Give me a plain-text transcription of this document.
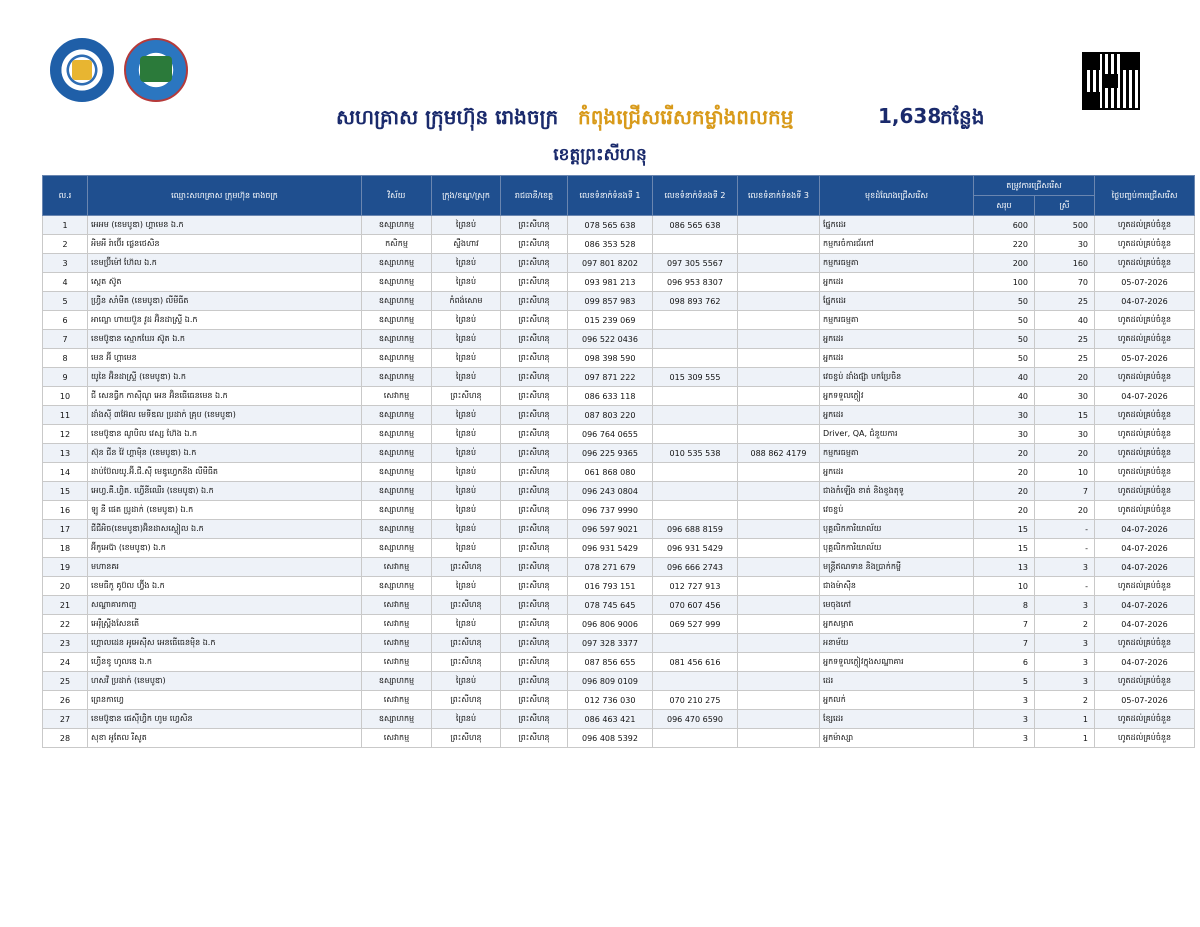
សហគ្រាស ក្រុមហ៊ុន រោងចក្រ កំពុងជ្រើសរើសកម្លាំងពលកម្ម	1,638
កន្លែង
ខេត្តព្រះសីហនុ
ល.រ	ឈ្មោះសហគ្រាស ក្រុមហ៊ុន រោងចក្រ	វិស័យ	ក្រុង/ខណ្ឌ/ស្រុក	រាជធានី/ខេត្ត	លេខទំនាក់ទំនងទី 1	លេខទំនាក់ទំនងទី 2	លេខទំនាក់ទំនងទី 3	មុខដំណែងជ្រើសរើស	តម្រូវការជ្រើសរើស		ថ្ងៃបញ្ចប់ការជ្រើសរើស
									សរុប	ស្រី	
1	អេអម (ខេមបូឌា) ហ្គាមេន ឯ.ក	ឧស្សាហកម្ម	ព្រៃនប់	ព្រះសីហនុ	078 565 638	086 565 638		ផ្នែកដេរ	600	500	ហូតដល់គ្រប់ចំនួន
2	អិមអឺ រ៉ាប៊ើរ ផ្លេនថេសិន	កសិកម្ម	ស្ទឹងហាវ	ព្រះសីហនុ	086 353 528			កម្មករចំការជ័រកៅ	220	30	ហូតដល់គ្រប់ចំនួន
3	ខេមប៊្រីម៉ៅ ហ៊ែល ឯ.ក	ឧស្សាហកម្ម	ព្រៃនប់	ព្រះសីហនុ	097 801 8202	097 305 5567		កម្មករធម្មតា	200	160	ហូតដល់គ្រប់ចំនួន
4	ស្កេត ស៊ូត	ឧស្សាហកម្ម	ព្រៃនប់	ព្រះសីហនុ	093 981 213	096 953 8307		អ្នកដេរ	100	70	05-07-2026
5	ហ្វ្រីន សាំមីត (ខេមបូឌា) លីមីធីត	ឧស្សាហកម្ម	កំពង់សោម	ព្រះសីហនុ	099 857 983	098 893 762		ផ្នែកដេរ	50	25	04-07-2026
6	អាល្លោ ហាយប៊ួន វូដ អ៊ិនដាស្ទ្រី ឯ.ក	ឧស្សាហកម្ម	ព្រៃនប់	ព្រះសីហនុ	015 239 069			កម្មករធម្មតា	50	40	ហូតដល់គ្រប់ចំនួន
7	ខេមប៊ូឌាន ស្មោកឃែរ ស៊ូត ឯ.ក	ឧស្សាហកម្ម	ព្រៃនប់	ព្រះសីហនុ	096 522 0436			អ្នកដេរ	50	25	ហូតដល់គ្រប់ចំនួន
8	មេន អ៊ី ហ្គាមេន	ឧស្សាហកម្ម	ព្រៃនប់	ព្រះសីហនុ	098 398 590			អ្នកដេរ	50	25	05-07-2026
9	យូនៃ អ៊ិនដាស្ទ្រី (ខេមបូឌា) ឯ.ក	ឧស្សាហកម្ម	ព្រៃនប់	ព្រះសីហនុ	097 871 222	015 309 555		វេចខ្ចប់ ដាំងផ្ស៊ា បកប្រែចិន	40	20	ហូតដល់គ្រប់ចំនួន
10	ជី សេនធ្វីក កាសុីណូ អេន អ៊ិនធើធេនមេន ឯ.ក	សេវាកម្ម	ព្រះសីហនុ	ព្រះសីហនុ	086 633 118			អ្នកទទួលភ្ញៀវ	40	30	04-07-2026
11	ដាំងស៊ី ៣អ៊ែល មេទីឌល ប្រដាក់ គ្រុប (ខេមបូឌា)	ឧស្សាហកម្ម	ព្រៃនប់	ព្រះសីហនុ	087 803 220			អ្នកដេរ	30	15	ហូតដល់គ្រប់ចំនួន
12	ខេមប៊ូឌាន ណូបិល វេស្ស ហ៊ែង ឯ.ក	ឧស្សាហកម្ម	ព្រៃនប់	ព្រះសីហនុ	096 764 0655			Driver, QA, ជំនួយការ	30	30	ហូតដល់គ្រប់ចំនួន
13	ស៊ុន ជីន វ៉ៃ ហ្គាម៉ិន (ខេមបូឌា) ឯ.ក	ឧស្សាហកម្ម	ព្រៃនប់	ព្រះសីហនុ	096 225 9365	010 535 538	088 862 4179	កម្មករធម្មតា	20	20	ហូតដល់គ្រប់ចំនួន
14	ដាប់ប៊ែលយូ.អ៊ី.ជី.ស៊ី មេឌូហ្វេកនីង លីមីធីត	ឧស្សាហកម្ម	ព្រៃនប់	ព្រះសីហនុ	061 868 080			អ្នកដេរ	20	10	ហូតដល់គ្រប់ចំនួន
15	អេហ្វ.គី.ហ្វិត. ហ្វើនីឈើរ (ខេមបូឌា) ឯ.ក	ឧស្សាហកម្ម	ព្រៃនប់	ព្រះសីហនុ	096 243 0804			ជាងកំឡើង ខាត់ និងខួងតុទូ	20	7	ហូតដល់គ្រប់ចំនួន
16	ឡូ នី ផេត ប្រូដាក់ (ខេមបូឌា) ឯ.ក	ឧស្សាហកម្ម	ព្រៃនប់	ព្រះសីហនុ	096 737 9990			វេចខ្ចប់	20	20	ហូតដល់គ្រប់ចំនួន
17	ជីជីអិច(ខេមបូឌា)អ៊ិនដាសស្ទៀល ឯ.ក	ឧស្សាហកម្ម	ព្រៃនប់	ព្រះសីហនុ	096 597 9021	096 688 8159		បុគ្គលិកការិយាល័យ	15	-	04-07-2026
18	អ៊ីកូអេប៊ា (ខេមបូឌា) ឯ.ក	ឧស្សាហកម្ម	ព្រៃនប់	ព្រះសីហនុ	096 931 5429	096 931 5429		បុគ្គលិកការិយាល័យ	15	-	04-07-2026
19	មហានគរ	សេវាកម្ម	ព្រះសីហនុ	ព្រះសីហនុ	078 271 679	096 666 2743		មន្ត្រីឥណទាន និងប្រាក់កម្ចី	13	3	04-07-2026
20	ខេមធីកូ គូប៊ល ហ្វ៊ីង ឯ.ក	ឧស្សាហកម្ម	ព្រៃនប់	ព្រះសីហនុ	016 793 151	012 727 913		ជាងម៉ាស៊ីន	10	-	ហូតដល់គ្រប់ចំនួន
21	សណ្ឋាគារកាញ្ជ	សេវាកម្ម	ព្រះសីហនុ	ព្រះសីហនុ	078 745 645	070 607 456		មេចុងភៅ	8	3	04-07-2026
22	អេរ៉ឺស្ព្រីងសែនតើ	សេវាកម្ម	ព្រៃនប់	ព្រះសីហនុ	096 806 9006	069 527 999		អ្នកសម្អាត	7	2	04-07-2026
23	ហ្គោលដេន អូអេស៊ីស អេនធើធេនម៉ិន ឯ.ក	សេវាកម្ម	ព្រះសីហនុ	ព្រះសីហនុ	097 328 3377			អនាម័យ	7	3	ហូតដល់គ្រប់ចំនួន
24	ហ្វើនខូ ហូលឌេ ឯ.ក	សេវាកម្ម	ព្រះសីហនុ	ព្រះសីហនុ	087 856 655	081 456 616		អ្នកទទួលភ្ញៀវក្នុងសណ្ឋាគារ	6	3	04-07-2026
25	ហសវី ប្រដាក់ (ខេមបូឌា)	ឧស្សាហកម្ម	ព្រៃនប់	ព្រះសីហនុ	096 809 0109			ដេរ	5	3	ហូតដល់គ្រប់ចំនួន
26	ព្រេនកាហ្វេ	សេវាកម្ម	ព្រះសីហនុ	ព្រះសីហនុ	012 736 030	070 210 275		អ្នកលក់	3	2	05-07-2026
27	ខេមប៊ូឌាន ផេស៊ីហ្វិក ហូម ហ្វេសិន	ឧស្សាហកម្ម	ព្រៃនប់	ព្រះសីហនុ	086 463 421	096 470 6590		ខ្សែដេរ	3	1	ហូតដល់គ្រប់ចំនួន
28	សុខា អូតែល រីសូត	សេវាកម្ម	ព្រះសីហនុ	ព្រះសីហនុ	096 408 5392			អ្នកម៉ាស្សា	3	1	ហូតដល់គ្រប់ចំនួន
